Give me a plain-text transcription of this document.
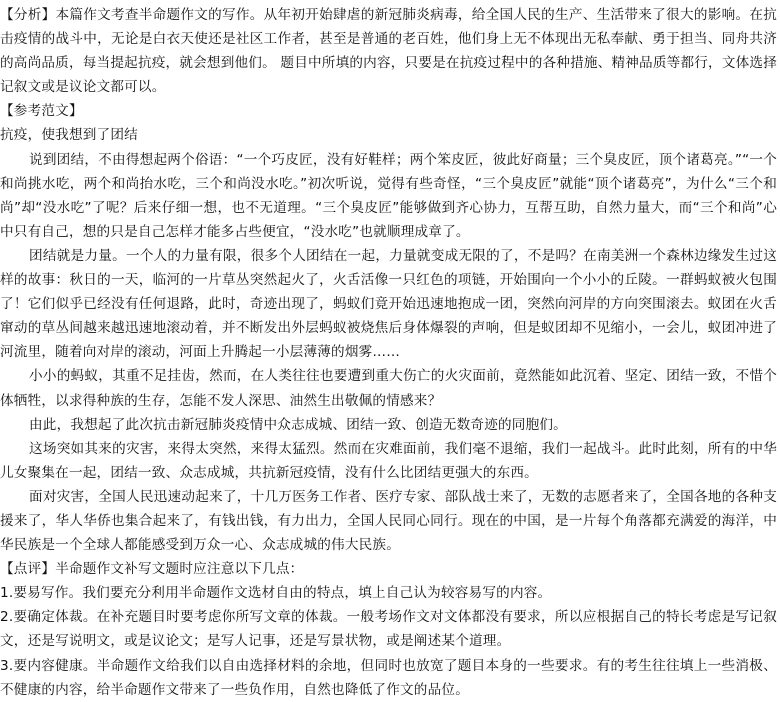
【分析】本篇作文考查半命题作文的写作。从年初开始肆虐的新冠肺炎病毒，给全国人民的生产、生活带来了很大的影响。在抗击疫情的战斗中，无论是白衣天使还是社区工作者，甚至是普通的老百姓，他们身上无不体现出无私奉献、勇于担当、同舟共济的高尚品质，每当提起抗疫，就会想到他们。 题目中所填的内容，只要是在抗疫过程中的各种措施、精神品质等都行，文体选择记叙文或是议论文都可以。

【参考范文】

抗疫，使我想到了团结

说到团结，不由得想起两个俗语：“一个巧皮匠，没有好鞋样；两个笨皮匠，彼此好商量；三个臭皮匠，顶个诸葛亮。”“一个和尚挑水吃，两个和尚抬水吃，三个和尚没水吃。”初次听说，觉得有些奇怪，“三个臭皮匠”就能“顶个诸葛亮”，为什么“三个和尚”却“没水吃”了呢？后来仔细一想，也不无道理。“三个臭皮匠”能够做到齐心协力，互帮互助，自然力量大，而“三个和尚”心中只有自己，想的只是自己怎样才能多占些便宜，“没水吃”也就顺理成章了。

团结就是力量。一个人的力量有限，很多个人团结在一起，力量就变成无限的了，不是吗？在南美洲一个森林边缘发生过这样的故事：秋日的一天，临河的一片草丛突然起火了，火舌活像一只红色的项链，开始围向一个小小的丘陵。一群蚂蚁被火包围了！它们似乎已经没有任何退路，此时，奇迹出现了，蚂蚁们竟开始迅速地抱成一团，突然向河岸的方向突围滚去。蚁团在火舌窜动的草丛间越来越迅速地滚动着，并不断发出外层蚂蚁被烧焦后身体爆裂的声响，但是蚁团却不见缩小，一会儿，蚁团冲进了河流里，随着向对岸的滚动，河面上升腾起一小层薄薄的烟雾……

小小的蚂蚁，其重不足挂齿，然而，在人类往往也要遭到重大伤亡的火灾面前，竟然能如此沉着、坚定、团结一致，不惜个体牺牲，以求得种族的生存，怎能不发人深思、油然生出敬佩的情感来？

由此，我想起了此次抗击新冠肺炎疫情中众志成城、团结一致、创造无数奇迹的同胞们。

这场突如其来的灾害，来得太突然，来得太猛烈。然而在灾难面前，我们毫不退缩，我们一起战斗。此时此刻，所有的中华儿女聚集在一起，团结一致、众志成城，共抗新冠疫情，没有什么比团结更强大的东西。

面对灾害，全国人民迅速动起来了，十几万医务工作者、医疗专家、部队战士来了，无数的志愿者来了，全国各地的各种支援来了，华人华侨也集合起来了，有钱出钱，有力出力，全国人民同心同行。现在的中国，是一片每个角落都充满爱的海洋，中华民族是一个全球人都能感受到万众一心、众志成城的伟大民族。

【点评】半命题作文补写文题时应注意以下几点：

1.要易写作。我们要充分利用半命题作文选材自由的特点，填上自己认为较容易写的内容。

2.要确定体裁。在补充题目时要考虑你所写文章的体裁。一般考场作文对文体都没有要求，所以应根据自己的特长考虑是写记叙文，还是写说明文，或是议论文；是写人记事，还是写景状物，或是阐述某个道理。

3.要内容健康。半命题作文给我们以自由选择材料的余地，但同时也放宽了题目本身的一些要求。有的考生往往填上一些消极、不健康的内容，给半命题作文带来了一些负作用，自然也降低了作文的品位。
